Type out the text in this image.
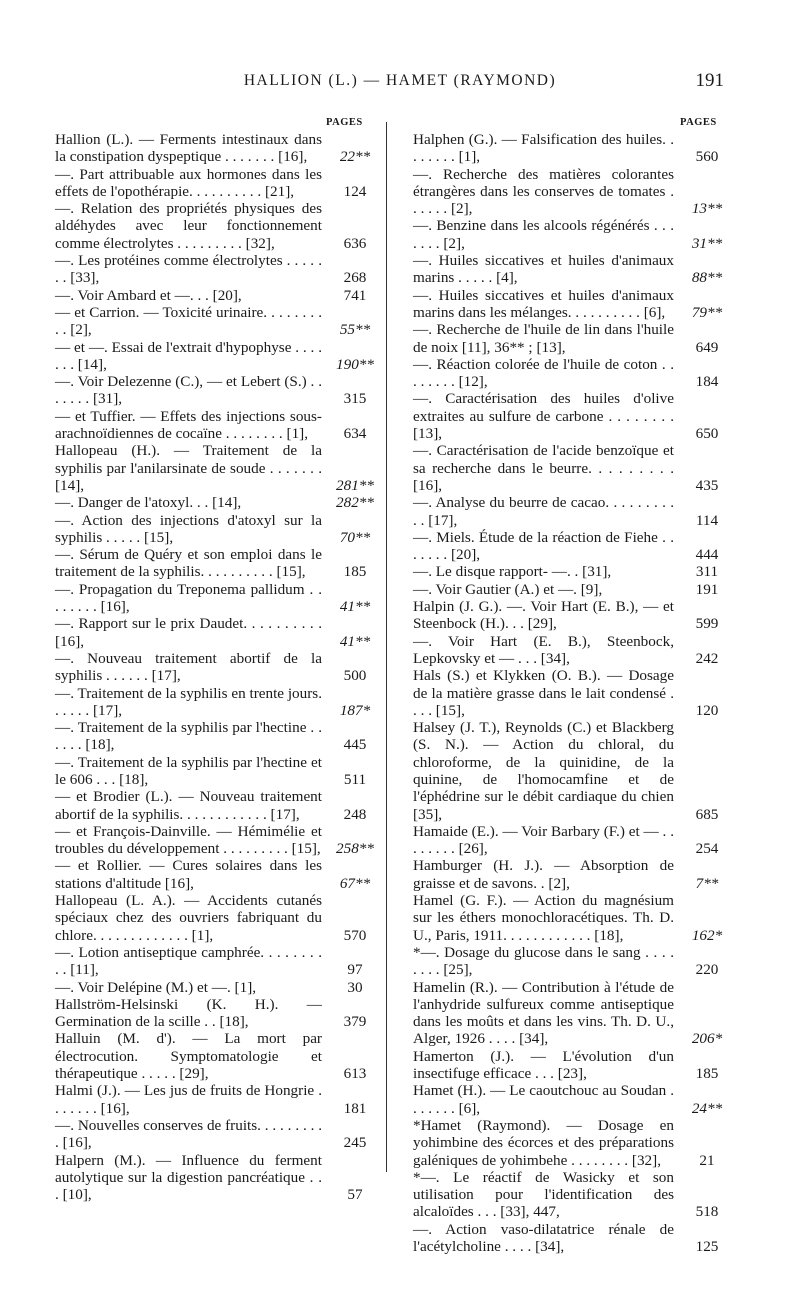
HALLION (L.) — HAMET (RAYMOND)	191
PAGES	PAGES
Hallion (L.). — Ferments intestinaux dans la constipation dyspeptique . . . . . . . [16],	22**
—. Part attribuable aux hormones dans les effets de l'opothérapie. . . . . . . . . . [21],	124
—. Relation des propriétés physiques des aldéhydes avec leur fonctionnement comme électrolytes . . . . . . . . . [32],	636
—. Les protéines comme électrolytes . . . . . . . [33],	268
—. Voir Ambard et —. . . [20],	741
— et Carrion. — Toxicité urinaire. . . . . . . . . . [2],	55**
— et —. Essai de l'extrait d'hypophyse . . . . . . . [14],	190**
—. Voir Delezenne (C.), — et Lebert (S.) . . . . . . . [31],	315
— et Tuffier. — Effets des injections sous-arachnoïdiennes de cocaïne . . . . . . . . [1],	634
Hallopeau (H.). — Traitement de la syphilis par l'anilarsinate de soude . . . . . . . [14],	281**
—. Danger de l'atoxyl. . . [14],	282**
—. Action des injections d'atoxyl sur la syphilis . . . . . [15],	70**
—. Sérum de Quéry et son emploi dans le traitement de la syphilis. . . . . . . . . . [15],	185
—. Propagation du Treponema pallidum . . . . . . . . [16],	41**
—. Rapport sur le prix Daudet. . . . . . . . . . [16],	41**
—. Nouveau traitement abortif de la syphilis . . . . . . [17],	500
—. Traitement de la syphilis en trente jours. . . . . . [17],	187*
—. Traitement de la syphilis par l'hectine . . . . . . [18],	445
—. Traitement de la syphilis par l'hectine et le 606 . . . [18],	511
— et Brodier (L.). — Nouveau traitement abortif de la syphilis. . . . . . . . . . . . [17],	248
— et François-Dainville. — Hémimélie et troubles du développement . . . . . . . . . [15],	258**
— et Rollier. — Cures solaires dans les stations d'altitude [16],	67**
Hallopeau (L. A.). — Accidents cutanés spéciaux chez des ouvriers fabriquant du chlore. . . . . . . . . . . . . [1],	570
—. Lotion antiseptique camphrée. . . . . . . . . . [11],	97
—. Voir Delépine (M.) et —. [1],	30
Hallström-Helsinski (K. H.). — Germination de la scille . . [18],	379
Halluin (M. d'). — La mort par électrocution. Symptomatologie et thérapeutique . . . . . [29],	613
Halmi (J.). — Les jus de fruits de Hongrie . . . . . . . [16],	181
—. Nouvelles conserves de fruits. . . . . . . . . . [16],	245
Halpern (M.). — Influence du ferment autolytique sur la digestion pancréatique . . . [10],	57
Halphen (G.). — Falsification des huiles. . . . . . . . [1],	560
—. Recherche des matières colorantes étrangères dans les conserves de tomates . . . . . . [2],	13**
—. Benzine dans les alcools régénérés . . . . . . . [2],	31**
—. Huiles siccatives et huiles d'animaux marins . . . . . [4],	88**
—. Huiles siccatives et huiles d'animaux marins dans les mélanges. . . . . . . . . . [6],	79**
—. Recherche de l'huile de lin dans l'huile de noix [11], 36** ; [13],	649
—. Réaction colorée de l'huile de coton . . . . . . . . [12],	184
—. Caractérisation des huiles d'olive extraites au sulfure de carbone . . . . . . . . [13],	650
—. Caractérisation de l'acide benzoïque et sa recherche dans le beurre. . . . . . . . . [16],	435
—. Analyse du beurre de cacao. . . . . . . . . . . [17],	114
—. Miels. Étude de la réaction de Fiehe . . . . . . . [20],	444
—. Le disque rapport- —. . [31],	311
—. Voir Gautier (A.) et —. [9],	191
Halpin (J. G.). —. Voir Hart (E. B.), — et Steenbock (H.). . . [29],	599
—. Voir Hart (E. B.), Steenbock, Lepkovsky et — . . . [34],	242
Hals (S.) et Klykken (O. B.). — Dosage de la matière grasse dans le lait condensé . . . . [15],	120
Halsey (J. T.), Reynolds (C.) et Blackberg (S. N.). — Action du chloral, du chloroforme, de la quinidine, de la quinine, de l'homocamfine et de l'éphédrine sur le débit cardiaque du chien [35],	685
Hamaide (E.). — Voir Barbary (F.) et — . . . . . . . . [26],	254
Hamburger (H. J.). — Absorption de graisse et de savons. . [2],	7**
Hamel (G. F.). — Action du magnésium sur les éthers monochloracétiques. Th. D. U., Paris, 1911. . . . . . . . . . . . [18],	162*
*—. Dosage du glucose dans le sang . . . . . . . . [25],	220
Hamelin (R.). — Contribution à l'étude de l'anhydride sulfureux comme antiseptique dans les moûts et dans les vins. Th. D. U., Alger, 1926 . . . . [34],	206*
Hamerton (J.). — L'évolution d'un insectifuge efficace . . . [23],	185
Hamet (H.). — Le caoutchouc au Soudan . . . . . . . [6],	24**
*Hamet (Raymond). — Dosage en yohimbine des écorces et des préparations galéniques de yohimbehe . . . . . . . . [32],	21
*—. Le réactif de Wasicky et son utilisation pour l'identification des alcaloïdes . . . [33], 447,	518
—. Action vaso-dilatatrice rénale de l'acétylcholine . . . . [34],	125
